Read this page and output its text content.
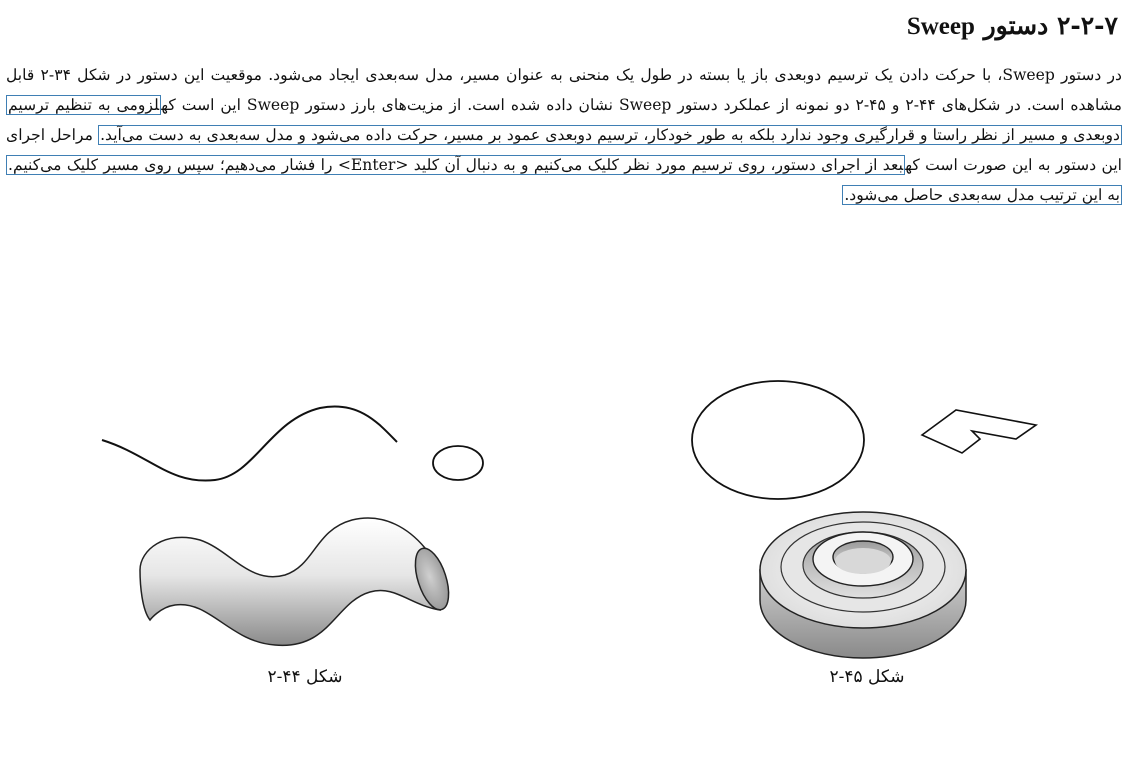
۲-۲-۷ دستور Sweep

در دستور Sweep، با حرکت دادن یک ترسیم دوبعدی باز یا بسته در طول یک منحنی به عنوان مسیر، مدل سه‌بعدی ایجاد می‌شود. موقعیت این دستور در شکل ۳۴-۲ قابل مشاهده است. در شکل‌های ۴۴-۲ و ۴۵-۲ دو نمونه از عملکرد دستور Sweep نشان داده شده است. از مزیت‌های بارز دستور Sweep این است کهلزومی به تنظیم ترسیم دوبعدی و مسیر از نظر راستا و قرارگیری وجود ندارد بلکه به طور خودکار، ترسیم دوبعدی عمود بر مسیر، حرکت داده می‌شود و مدل سه‌بعدی به دست می‌آید. مراحل اجرای این دستور به این صورت است کهبعد از اجرای دستور، روی ترسیم مورد نظر کلیک می‌کنیم و به دنبال آن کلید <Enter> را فشار می‌دهیم؛ سپس روی مسیر کلیک می‌کنیم. به این ترتیب مدل سه‌بعدی حاصل می‌شود.

شکل ۴۴-۲	شکل ۴۵-۲
